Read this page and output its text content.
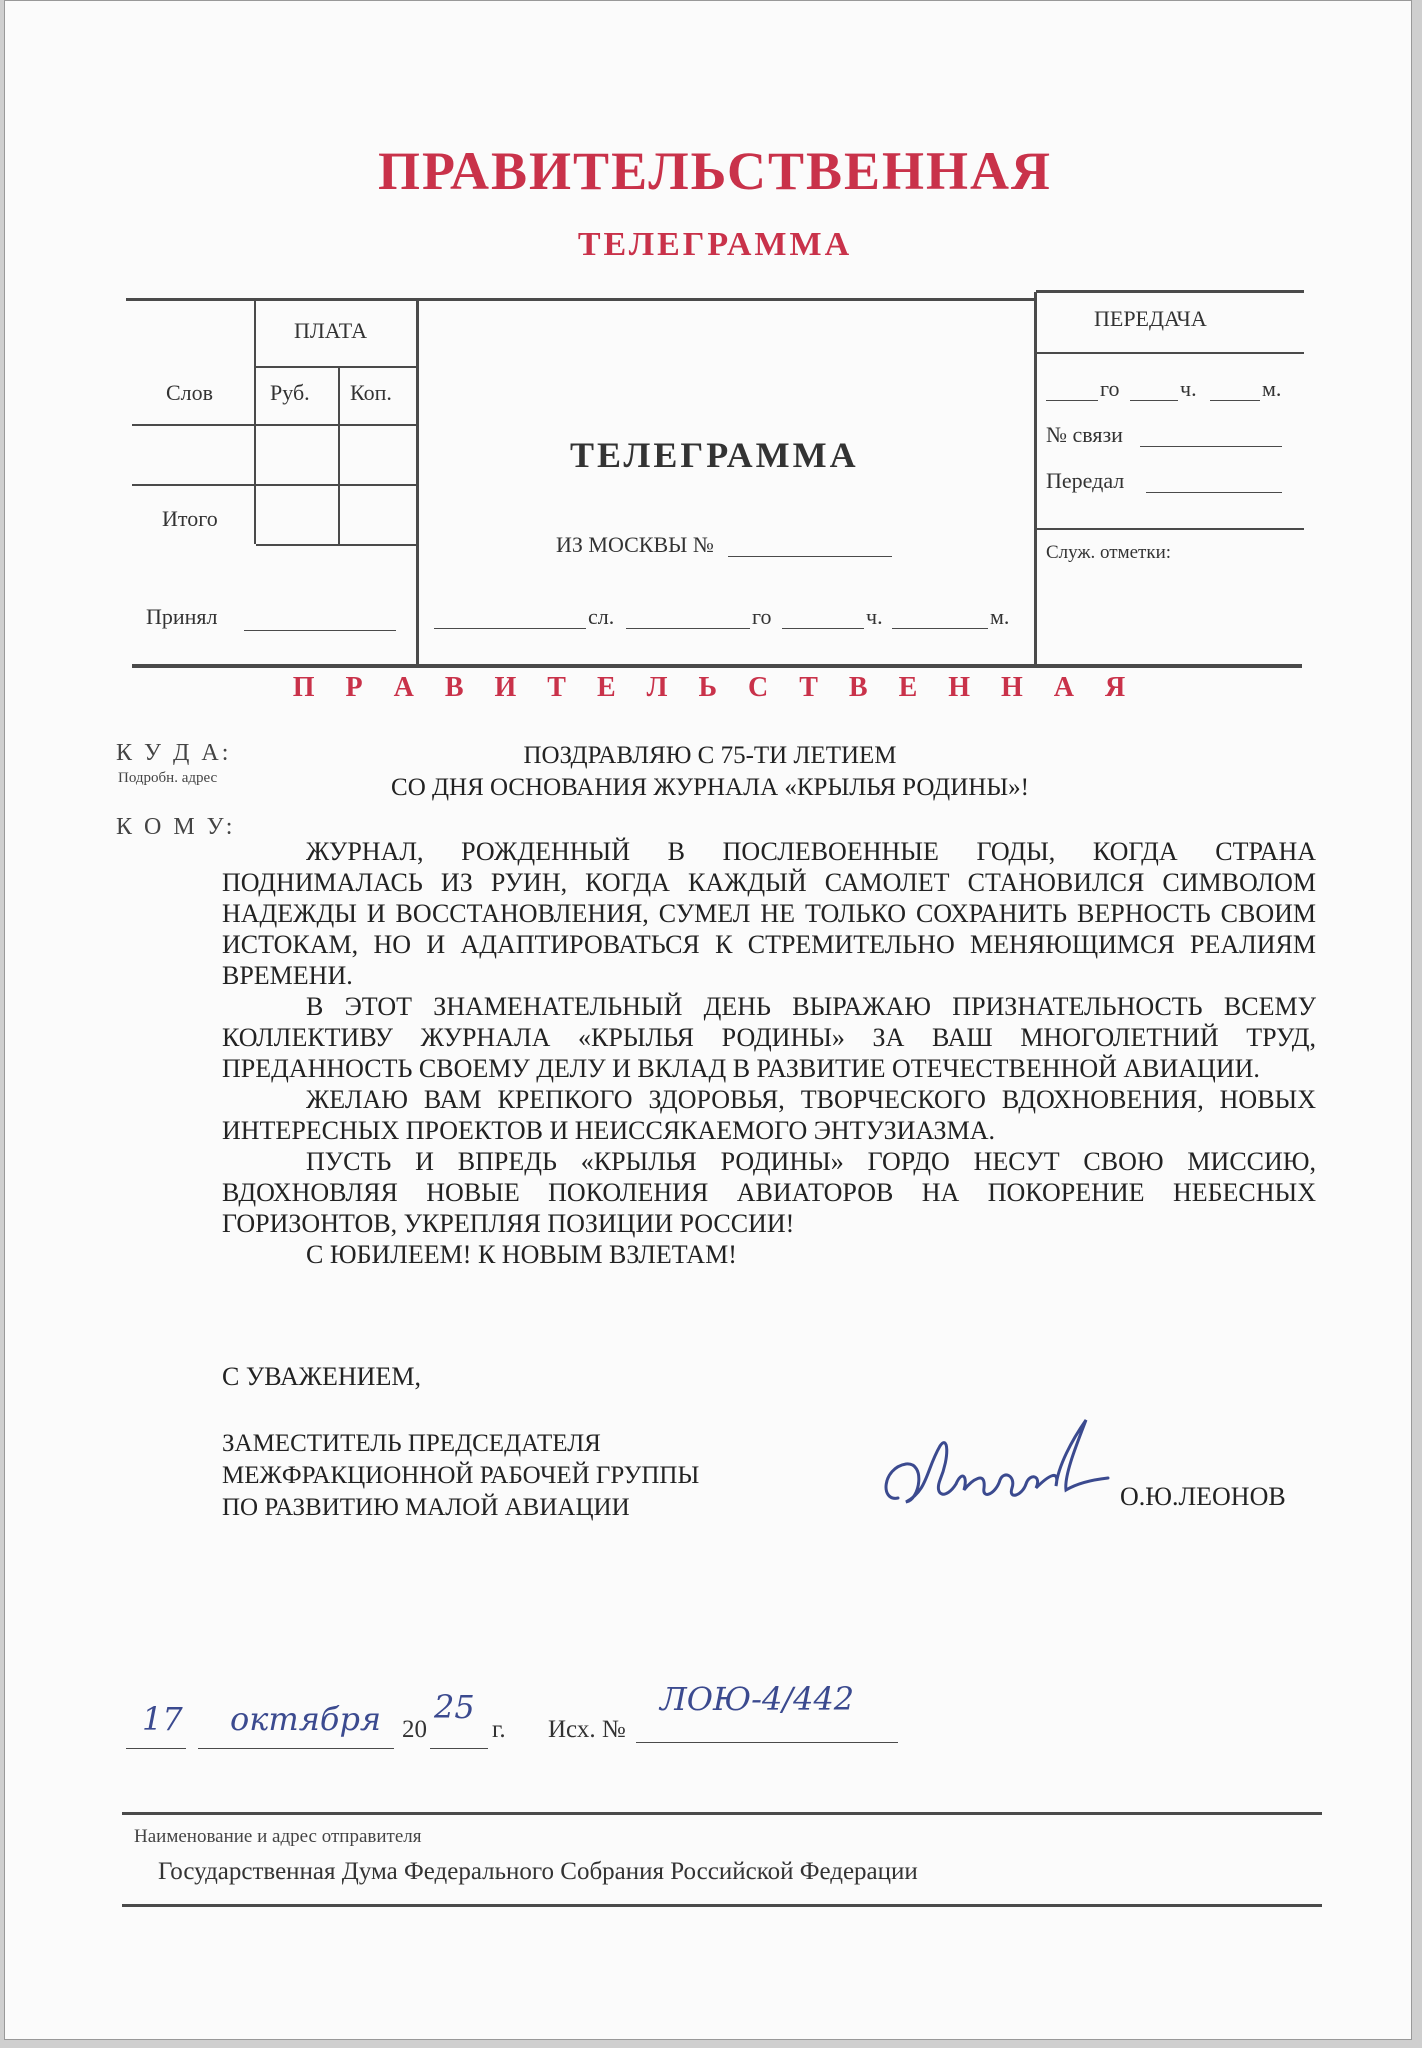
ПРАВИТЕЛЬСТВЕННАЯ
ТЕЛЕГРАММА
ПЛАТА
Слов	Руб. Коп.
Итого
Принял
ТЕЛЕГРАММА
ИЗ МОСКВЫ №
сл.	го	ч.	м.
ПЕРЕДАЧА
го	ч.	м.
№ связи
Передал
Служ. отметки:
П Р А В И Т Е Л Ь С Т В Е Н Н А Я
К У Д А:
Подробн. адрес
К О М У:
ПОЗДРАВЛЯЮ С 75-ТИ ЛЕТИЕМ
СО ДНЯ ОСНОВАНИЯ ЖУРНАЛА «КРЫЛЬЯ РОДИНЫ»!

ЖУРНАЛ, РОЖДЕННЫЙ В ПОСЛЕВОЕННЫЕ ГОДЫ, КОГДА СТРАНА ПОДНИМАЛАСЬ ИЗ РУИН, КОГДА КАЖДЫЙ САМОЛЕТ СТАНОВИЛСЯ СИМВОЛОМ НАДЕЖДЫ И ВОССТАНОВЛЕНИЯ, СУМЕЛ НЕ ТОЛЬКО СОХРАНИТЬ ВЕРНОСТЬ СВОИМ ИСТОКАМ, НО И АДАПТИРОВАТЬСЯ К СТРЕМИТЕЛЬНО МЕНЯЮЩИМСЯ РЕАЛИЯМ ВРЕМЕНИ.

В ЭТОТ ЗНАМЕНАТЕЛЬНЫЙ ДЕНЬ ВЫРАЖАЮ ПРИЗНАТЕЛЬНОСТЬ ВСЕМУ КОЛЛЕКТИВУ ЖУРНАЛА «КРЫЛЬЯ РОДИНЫ» ЗА ВАШ МНОГОЛЕТНИЙ ТРУД, ПРЕДАННОСТЬ СВОЕМУ ДЕЛУ И ВКЛАД В РАЗВИТИЕ ОТЕЧЕСТВЕННОЙ АВИАЦИИ.

ЖЕЛАЮ ВАМ КРЕПКОГО ЗДОРОВЬЯ, ТВОРЧЕСКОГО ВДОХНОВЕНИЯ, НОВЫХ ИНТЕРЕСНЫХ ПРОЕКТОВ И НЕИССЯКАЕМОГО ЭНТУЗИАЗМА.

ПУСТЬ И ВПРЕДЬ «КРЫЛЬЯ РОДИНЫ» ГОРДО НЕСУТ СВОЮ МИССИЮ, ВДОХНОВЛЯЯ НОВЫЕ ПОКОЛЕНИЯ АВИАТОРОВ НА ПОКОРЕНИЕ НЕБЕСНЫХ ГОРИЗОНТОВ, УКРЕПЛЯЯ ПОЗИЦИИ РОССИИ!

С ЮБИЛЕЕМ! К НОВЫМ ВЗЛЕТАМ!

С УВАЖЕНИЕМ,
ЗАМЕСТИТЕЛЬ ПРЕДСЕДАТЕЛЯ
МЕЖФРАКЦИОННОЙ РАБОЧЕЙ ГРУППЫ
ПО РАЗВИТИЮ МАЛОЙ АВИАЦИИ	О.Ю.ЛЕОНОВ
17 октября 20
25
г. Исх. №
ЛОЮ-4/442
Наименование и адрес отправителя
Государственная Дума Федерального Собрания Российской Федерации
